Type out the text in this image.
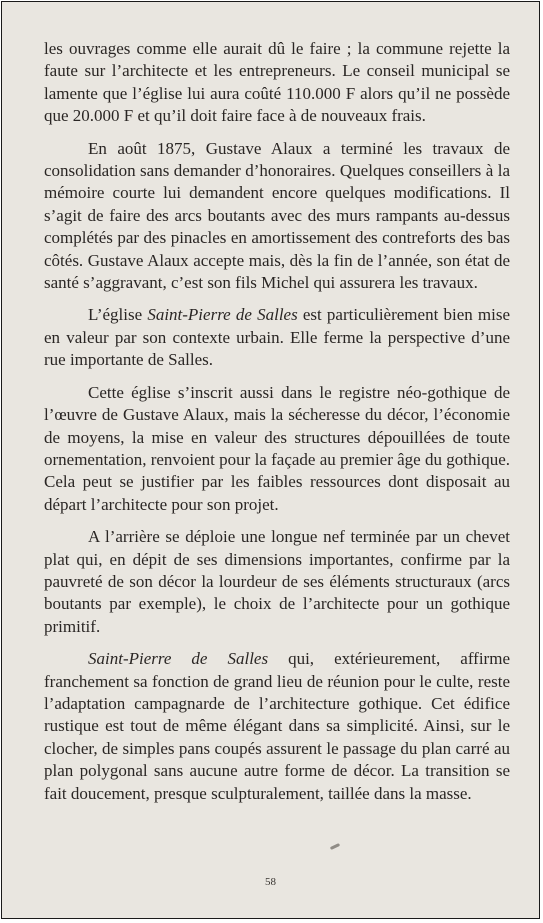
les ouvrages comme elle aurait dû le faire ; la commune rejette la faute sur l’architecte et les entrepreneurs. Le conseil municipal se lamente que l’église lui aura coûté 110.000 F alors qu’il ne possède que 20.000 F et qu’il doit faire face à de nouveaux frais.

En août 1875, Gustave Alaux a terminé les travaux de consolidation sans demander d’honoraires. Quelques conseillers à la mémoire courte lui demandent encore quelques modifications. Il s’agit de faire des arcs boutants avec des murs rampants au-dessus complétés par des pinacles en amortissement des contreforts des bas côtés. Gustave Alaux accepte mais, dès la fin de l’année, son état de santé s’aggravant, c’est son fils Michel qui assurera les travaux.

L’église Saint-Pierre de Salles est particulièrement bien mise en valeur par son contexte urbain. Elle ferme la perspective d’une rue importante de Salles.

Cette église s’inscrit aussi dans le registre néo-gothique de l’œuvre de Gustave Alaux, mais la sécheresse du décor, l’économie de moyens, la mise en valeur des structures dépouillées de toute ornementation, renvoient pour la façade au premier âge du gothique. Cela peut se justifier par les faibles ressources dont disposait au départ l’architecte pour son projet.

A l’arrière se déploie une longue nef terminée par un chevet plat qui, en dépit de ses dimensions importantes, confirme par la pauvreté de son décor la lourdeur de ses éléments structuraux (arcs boutants par exemple), le choix de l’architecte pour un gothique primitif.

Saint-Pierre de Salles qui, extérieurement, affirme franchement sa fonction de grand lieu de réunion pour le culte, reste l’adaptation campagnarde de l’architecture gothique. Cet édifice rustique est tout de même élégant dans sa simplicité. Ainsi, sur le clocher, de simples pans coupés assurent le passage du plan carré au plan polygonal sans aucune autre forme de décor. La transition se fait doucement, presque sculpturalement, taillée dans la masse.

58
